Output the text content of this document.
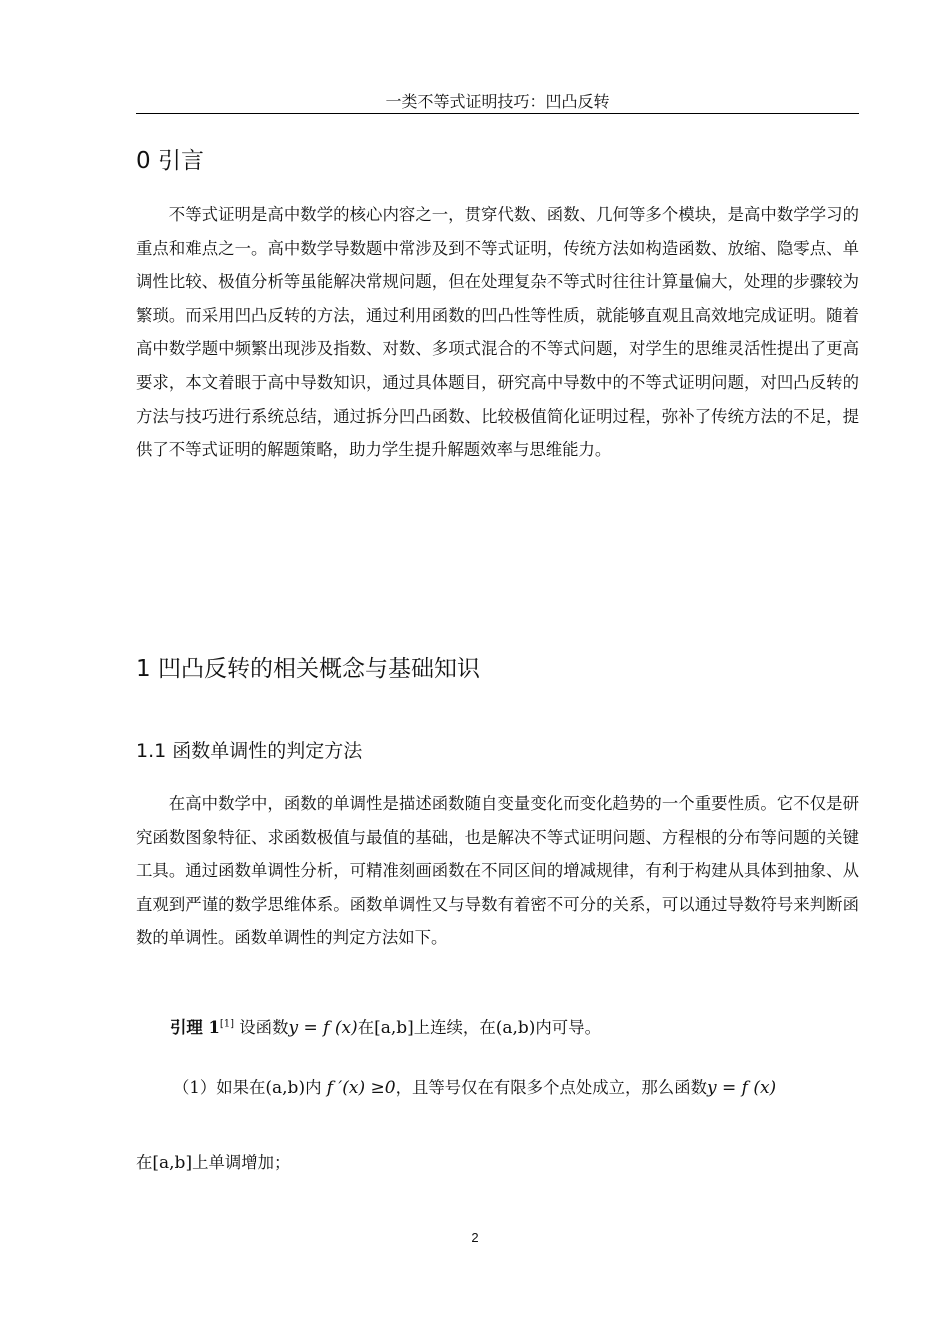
一类不等式证明技巧：凹凸反转
0 引言

不等式证明是高中数学的核心内容之一，贯穿代数、函数、几何等多个模块，是高中数学学习的重点和难点之一。高中数学导数题中常涉及到不等式证明，传统方法如构造函数、放缩、隐零点、单调性比较、极值分析等虽能解决常规问题，但在处理复杂不等式时往往计算量偏大，处理的步骤较为繁琐。而采用凹凸反转的方法，通过利用函数的凹凸性等性质，就能够直观且高效地完成证明。随着高中数学题中频繁出现涉及指数、对数、多项式混合的不等式问题，对学生的思维灵活性提出了更高要求，本文着眼于高中导数知识，通过具体题目，研究高中导数中的不等式证明问题，对凹凸反转的方法与技巧进行系统总结，通过拆分凹凸函数、比较极值简化证明过程，弥补了传统方法的不足，提供了不等式证明的解题策略，助力学生提升解题效率与思维能力。

1 凹凸反转的相关概念与基础知识
1.1 函数单调性的判定方法

在高中数学中，函数的单调性是描述函数随自变量变化而变化趋势的一个重要性质。它不仅是研究函数图象特征、求函数极值与最值的基础，也是解决不等式证明问题、方程根的分布等问题的关键工具。通过函数单调性分析，可精准刻画函数在不同区间的增减规律，有利于构建从具体到抽象、从直观到严谨的数学思维体系。函数单调性又与导数有着密不可分的关系，可以通过导数符号来判断函数的单调性。函数单调性的判定方法如下。

引理 1[1] 设函数y = f (x)在[a,b]上连续，在(a,b)内可导。
（1）如果在(a,b)内 f ′(x) ≥0，且等号仅在有限多个点处成立，那么函数y = f (x)
在[a,b]上单调增加；
2
